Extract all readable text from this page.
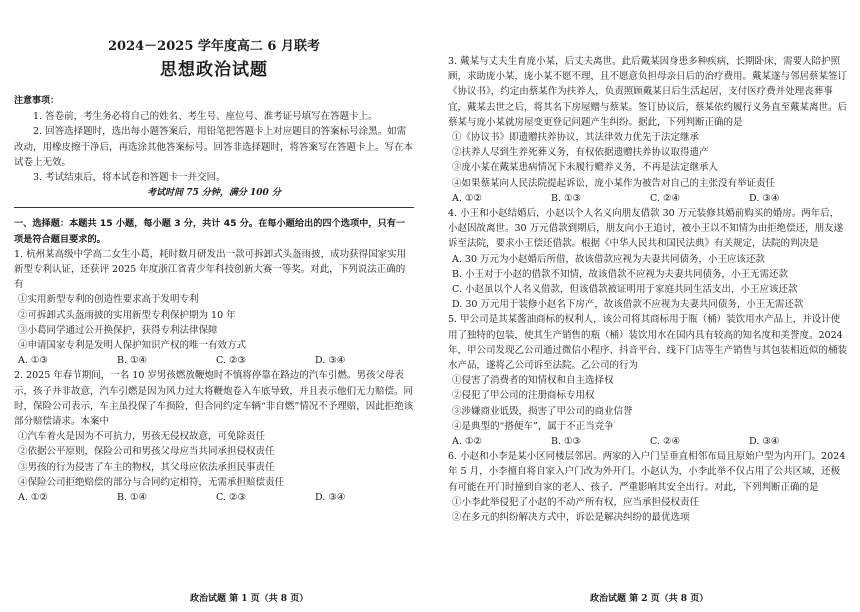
2024－2025 学年度高二 6 月联考
思想政治试题
注意事项：

1. 答卷前，考生务必将自己的姓名、考生号、座位号、准考证号填写在答题卡上。

2. 回答选择题时，选出每小题答案后，用铅笔把答题卡上对应题目的答案标号涂黑。如需改动，用橡皮擦干净后，再选涂其他答案标号。回答非选择题时，将答案写在答题卡上。写在本试卷上无效。

3. 考试结束后，将本试卷和答题卡一并交回。

考试时间 75 分钟，满分 100 分
一、选择题：本题共 15 小题，每小题 3 分，共计 45 分。在每小题给出的四个选项中，只有一项是符合题目要求的。

1. 杭州某高级中学高二女生小葛，耗时数月研发出一款可拆卸式头盔雨披，成功获得国家实用新型专利认证，还获评 2025 年度浙江省青少年科技创新大赛一等奖。对此，下列说法正确的有

①实用新型专利的创造性要求高于发明专利

②可拆卸式头盔雨披的实用新型专利保护期为 10 年

③小葛同学通过公开换保护，获得专利法律保障

④申请国家专利是发明人保护知识产权的唯一有效方式

A. ①③	B. ①④	C. ②③	D. ③④

2. 2025 年春节期间，一名 10 岁男孩燃放鞭炮时不慎将停靠在路边的汽车引燃。男孩父母表示，孩子并非故意，汽车引燃是因为风力过大将鞭炮卷入车底导致，并且表示他们无力赔偿。同时，保险公司表示，车主虽投保了车损险，但合同约定车辆“非自燃”情况不予理赔，因此拒绝该部分赔偿请求。本案中

①汽车着火是因为不可抗力，男孩无侵权故意，可免除责任

②依据公平原则，保险公司和男孩父母应当共同承担侵权责任

③男孩的行为侵害了车主的物权，其父母应依法承担民事责任

④保险公司拒绝赔偿的部分与合同约定相符，无需承担赔偿责任

A. ①②	B. ①④	C. ②③	D. ③④

3. 戴某与丈夫生育庞小某，后丈夫离世。此后戴某因身患多种疾病，长期卧床，需要人陪护照顾，求助庞小某，庞小某不愿不理，且不愿意负担母亲日后的治疗费用。戴某遂与邻居蔡某签订《协议书》，约定由蔡某作为扶养人，负责照顾戴某日后生活起居，支付医疗费并处理丧葬事宜，戴某去世之后，将其名下房屋赠与蔡某。签订协议后，蔡某依约履行义务直至戴某离世。后蔡某与庞小某就房屋变更登记问题产生纠纷。据此，下列判断正确的是

①《协议书》即遗赠扶养协议，其法律效力优先于法定继承

②扶养人尽到生养死葬义务，有权依据遗赠扶养协议取得遗产

③庞小某在戴某患病情况下未履行赡养义务，不再是法定继承人

④如果蔡某向人民法院提起诉讼，庞小某作为被告对自己的主张没有举证责任

A. ①②	B. ①③	C. ②④	D. ③④

4. 小王和小赵结婚后，小赵以个人名义向朋友借款 30 万元装修其婚前购买的婚房。两年后，小赵因故离世。30 万元借款到期后，朋友向小王追讨，被小王以不知情为由拒绝偿还，朋友遂诉至法院，要求小王偿还借款。根据《中华人民共和国民法典》有关规定，法院的判决是

A. 30 万元为小赵婚后所借，故该借款应视为夫妻共同债务，小王应该还款

B. 小王对于小赵的借款不知情，故该借款不应视为夫妻共同债务，小王无需还款

C. 小赵虽以个人名义借款，但该借款被证明用于家庭共同生活支出，小王应该还款

D. 30 万元用于装修小赵名下房产，故该借款不应视为夫妻共同债务，小王无需还款

5. 甲公司是其某酱油商标的权利人，该公司将其商标用于瓶（桶）装饮用水产品上，并设计使用了独特的包装，使其生产销售的瓶（桶）装饮用水在国内具有较高的知名度和美誉度。2024 年，甲公司发现乙公司通过微信小程序、抖音平台、线下门店等生产销售与其包装相近似的桶装水产品，遂将乙公司诉至法院。乙公司的行为

①侵害了消费者的知情权和自主选择权

②侵犯了甲公司的注册商标专用权

③涉嫌商业诋毁，损害了甲公司的商业信誉

④是典型的“搭便车”，属于不正当竞争

A. ①②	B. ①③	C. ②④	D. ③④

6. 小赵和小李是某小区同楼层邻居。两家的入户门呈垂直相邻布局且原始户型为内开门。2024 年 5 月，小李擅自将自家入户门改为外开门。小赵认为，小李此举不仅占用了公共区域，还极有可能在开门时撞到自家的老人、孩子，严重影响其安全出行。对此，下列判断正确的是

①小李此举侵犯了小赵的不动产所有权，应当承担侵权责任

②在多元的纠纷解决方式中，诉讼是解决纠纷的最优选项

政治试题 第 1 页（共 8 页）	政治试题 第 2 页（共 8 页）
